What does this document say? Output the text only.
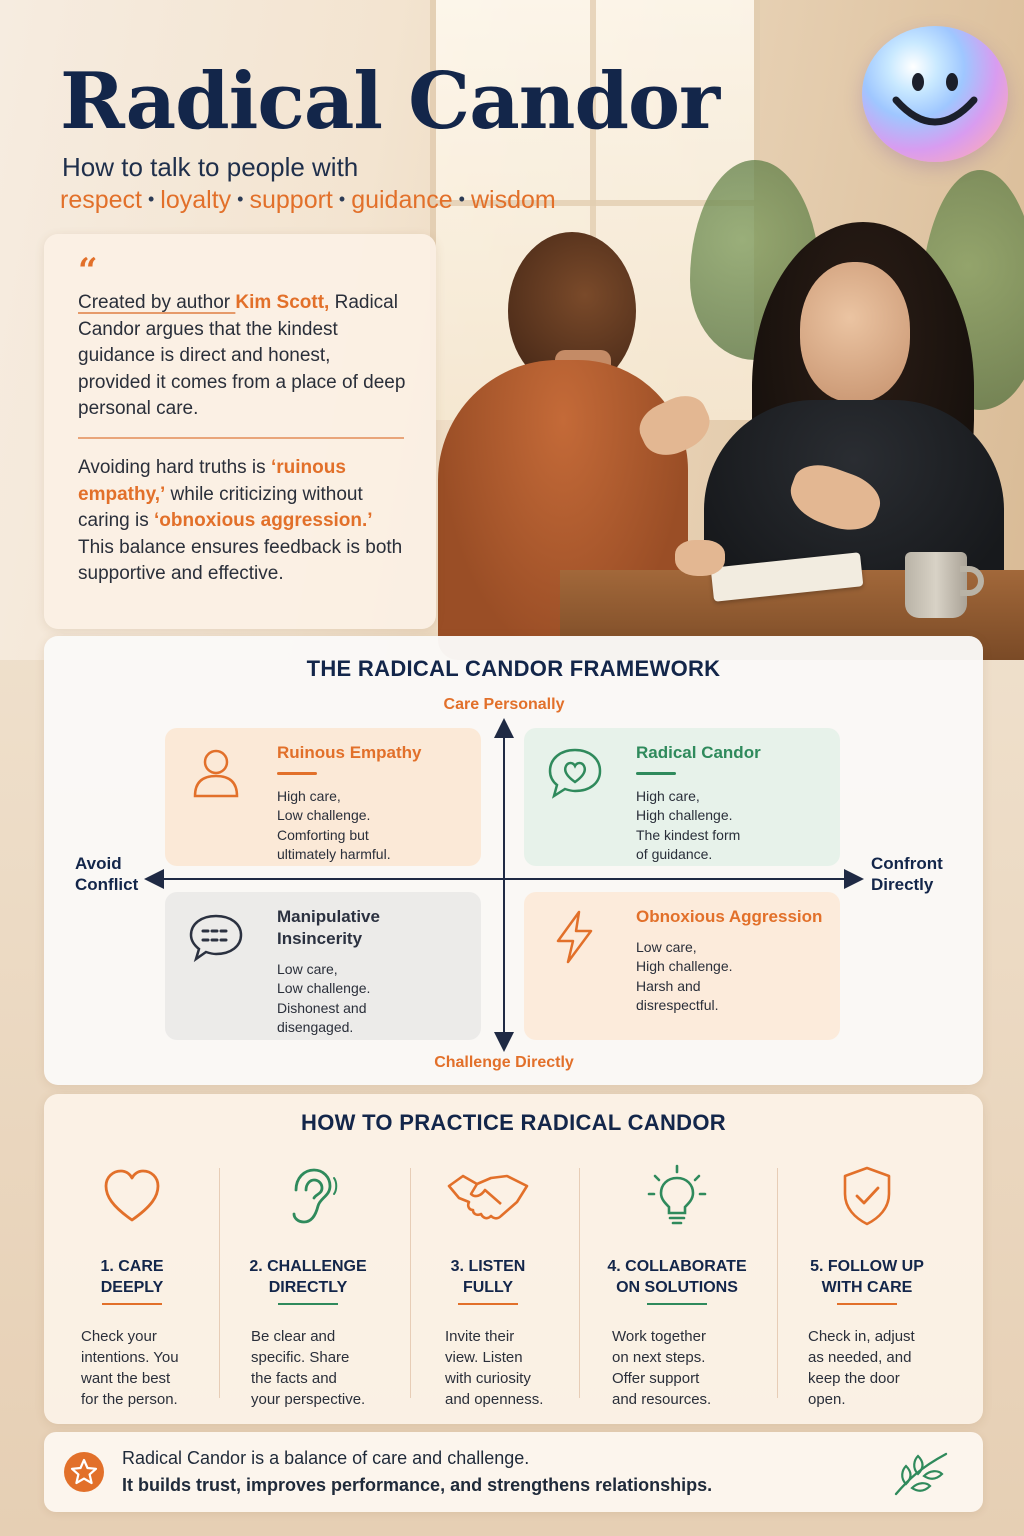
Radical Candor
How to talk to people with
respect • loyalty • support • guidance • wisdom
“

Created by author Kim Scott, Radical Candor argues that the kindest guidance is direct and honest, provided it comes from a place of deep personal care.

Avoiding hard truths is ‘ruinous empathy,’ while criticizing without caring is ‘obnoxious aggression.’ This balance ensures feedback is both supportive and effective.

THE RADICAL CANDOR FRAMEWORK
Care Personally
Challenge Directly
Avoid
Conflict
Confront
Directly
Ruinous Empathy
High care,
Low challenge.
Comforting but
ultimately harmful.
Radical Candor
High care,
High challenge.
The kindest form
of guidance.
Manipulative Insincerity
Low care,
Low challenge.
Dishonest and
disengaged.
Obnoxious Aggression
Low care,
High challenge.
Harsh and
disrespectful.
HOW TO PRACTICE RADICAL CANDOR
1. CARE
DEEPLY
Check your
intentions. You
want the best
for the person.
2. CHALLENGE
DIRECTLY
Be clear and
specific. Share
the facts and
your perspective.
3. LISTEN
FULLY
Invite their
view. Listen
with curiosity
and openness.
4. COLLABORATE
ON SOLUTIONS
Work together
on next steps.
Offer support
and resources.
5. FOLLOW UP
WITH CARE
Check in, adjust
as needed, and
keep the door
open.
Radical Candor is a balance of care and challenge.
It builds trust, improves performance, and strengthens relationships.
